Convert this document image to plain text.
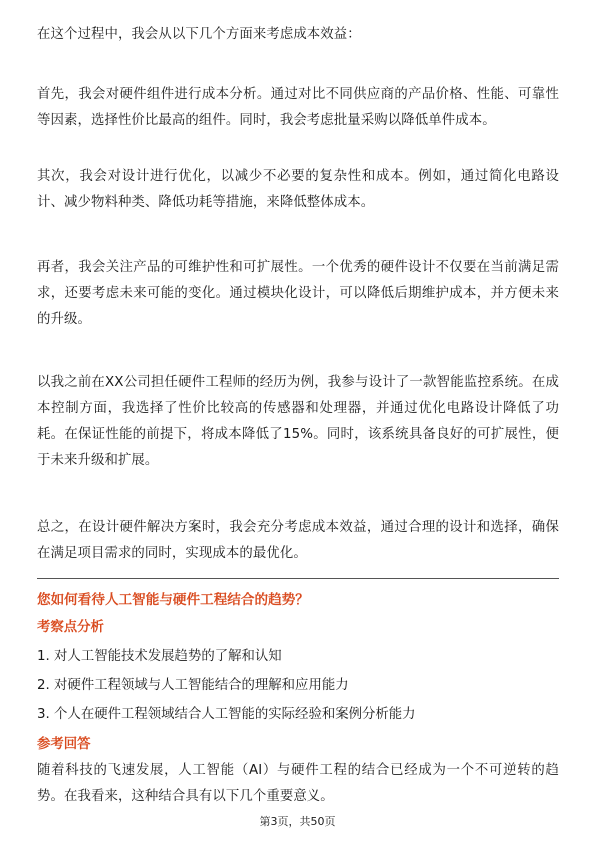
在这个过程中，我会从以下几个方面来考虑成本效益：

首先，我会对硬件组件进行成本分析。通过对比不同供应商的产品价格、性能、可靠性等因素，选择性价比最高的组件。同时，我会考虑批量采购以降低单件成本。

其次，我会对设计进行优化，以减少不必要的复杂性和成本。例如，通过简化电路设计、减少物料种类、降低功耗等措施，来降低整体成本。

再者，我会关注产品的可维护性和可扩展性。一个优秀的硬件设计不仅要在当前满足需求，还要考虑未来可能的变化。通过模块化设计，可以降低后期维护成本，并方便未来的升级。

以我之前在XX公司担任硬件工程师的经历为例，我参与设计了一款智能监控系统。在成本控制方面，我选择了性价比较高的传感器和处理器，并通过优化电路设计降低了功耗。在保证性能的前提下，将成本降低了15%。同时，该系统具备良好的可扩展性，便于未来升级和扩展。

总之，在设计硬件解决方案时，我会充分考虑成本效益，通过合理的设计和选择，确保在满足项目需求的同时，实现成本的最优化。

您如何看待人工智能与硬件工程结合的趋势？
考察点分析
1. 对人工智能技术发展趋势的了解和认知
2. 对硬件工程领域与人工智能结合的理解和应用能力
3. 个人在硬件工程领域结合人工智能的实际经验和案例分析能力
参考回答

随着科技的飞速发展，人工智能（AI）与硬件工程的结合已经成为一个不可逆转的趋势。在我看来，这种结合具有以下几个重要意义。

第3页，共50页
